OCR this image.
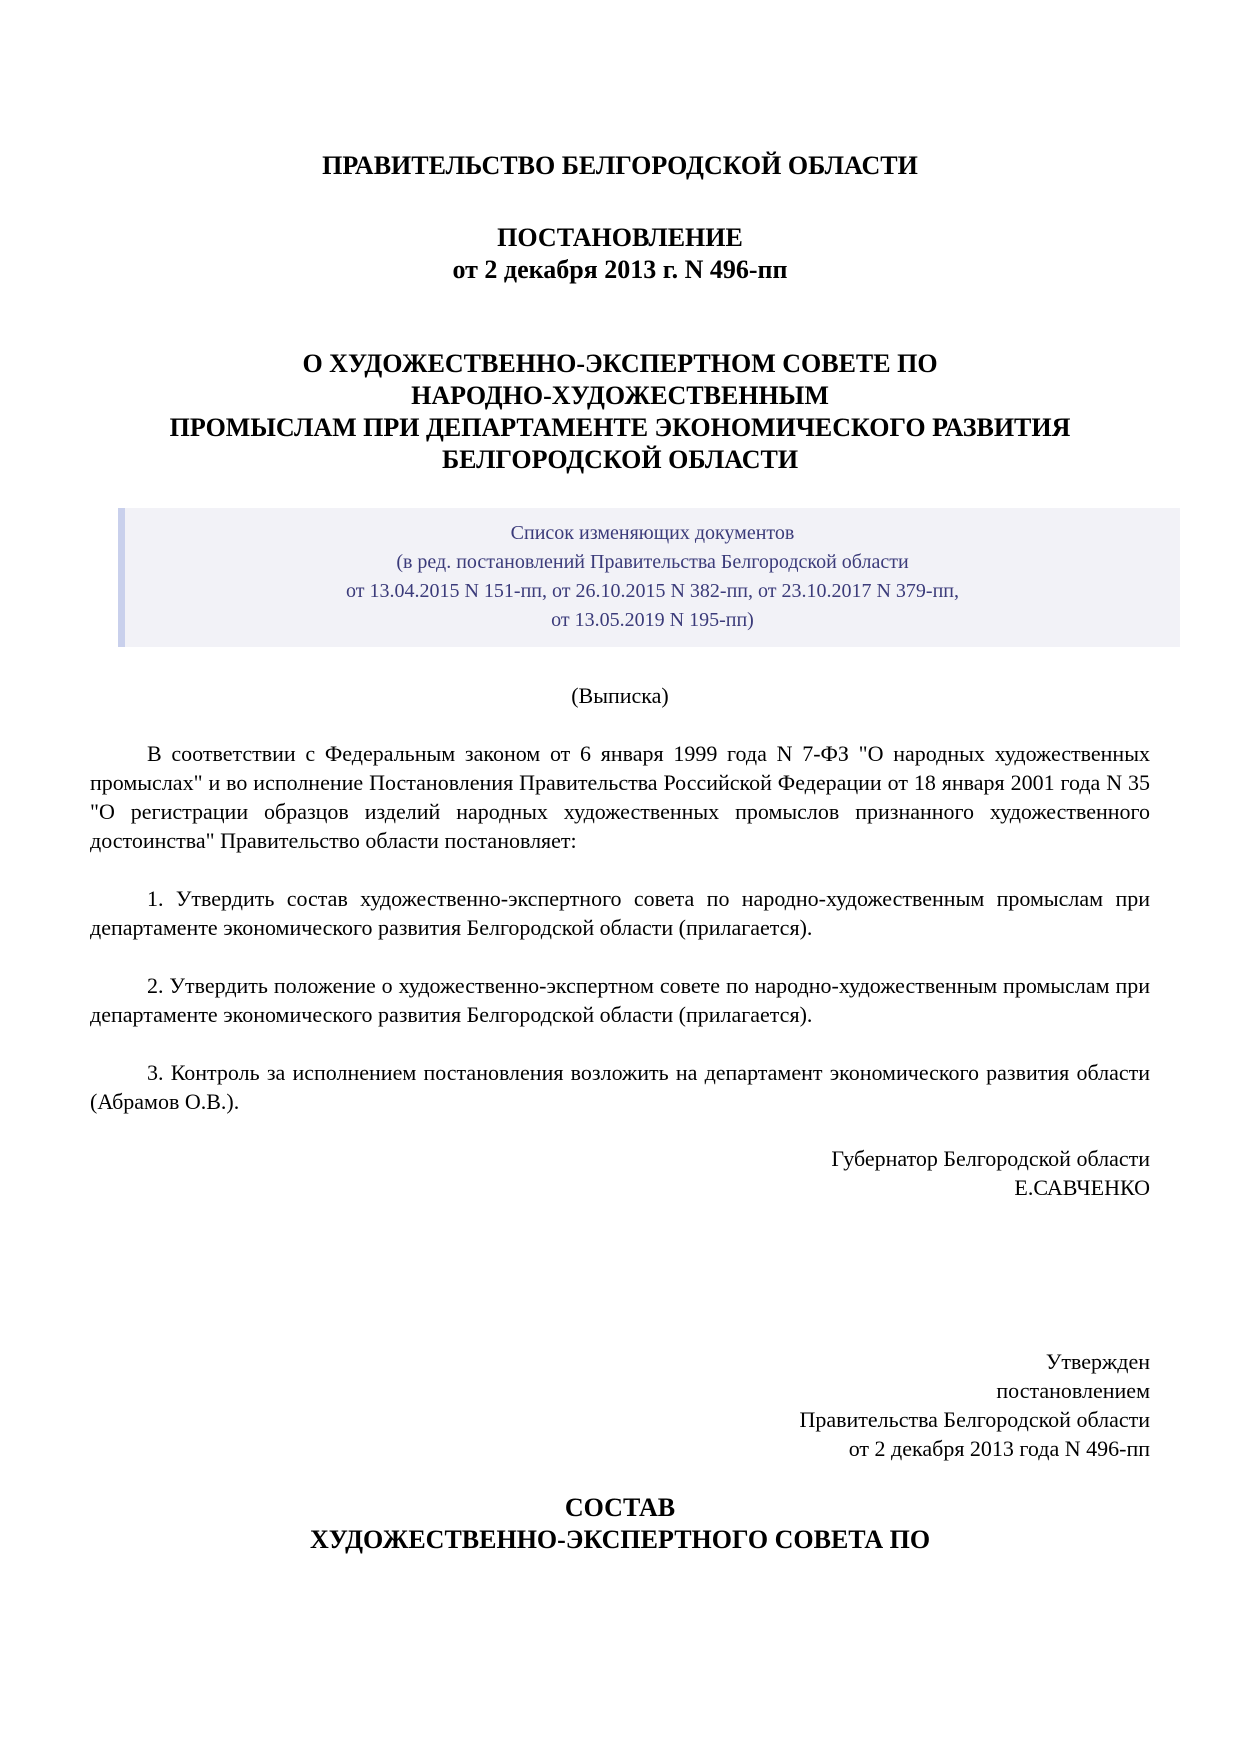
ПРАВИТЕЛЬСТВО БЕЛГОРОДСКОЙ ОБЛАСТИ
ПОСТАНОВЛЕНИЕ
от 2 декабря 2013 г. N 496-пп
О ХУДОЖЕСТВЕННО-ЭКСПЕРТНОМ СОВЕТЕ ПО
НАРОДНО-ХУДОЖЕСТВЕННЫМ
ПРОМЫСЛАМ ПРИ ДЕПАРТАМЕНТЕ ЭКОНОМИЧЕСКОГО РАЗВИТИЯ
БЕЛГОРОДСКОЙ ОБЛАСТИ
Список изменяющих документов
(в ред. постановлений Правительства Белгородской области
от 13.04.2015 N 151-пп, от 26.10.2015 N 382-пп, от 23.10.2017 N 379-пп,
от 13.05.2019 N 195-пп)
(Выписка)

В соответствии с Федеральным законом от 6 января 1999 года N 7-ФЗ "О народных художественных промыслах" и во исполнение Постановления Правительства Российской Федерации от 18 января 2001 года N 35 "О регистрации образцов изделий народных художественных промыслов признанного художественного достоинства" Правительство области постановляет:

1. Утвердить состав художественно-экспертного совета по народно-художественным промыслам при департаменте экономического развития Белгородской области (прилагается).

2. Утвердить положение о художественно-экспертном совете по народно-художественным промыслам при департаменте экономического развития Белгородской области (прилагается).

3. Контроль за исполнением постановления возложить на департамент экономического развития области (Абрамов О.В.).

Губернатор Белгородской области
Е.САВЧЕНКО
Утвержден
постановлением
Правительства Белгородской области
от 2 декабря 2013 года N 496-пп
СОСТАВ
ХУДОЖЕСТВЕННО-ЭКСПЕРТНОГО СОВЕТА ПО
